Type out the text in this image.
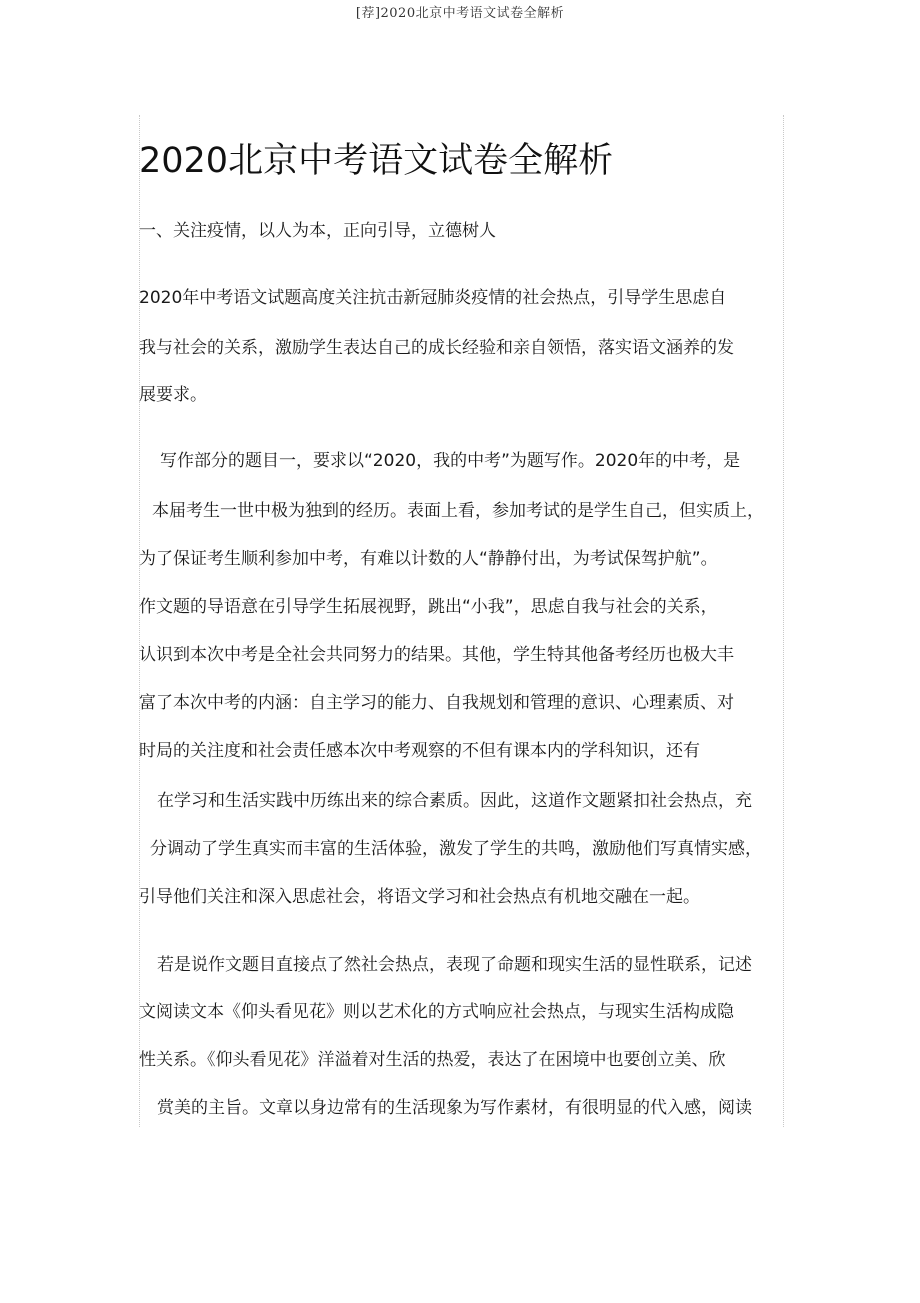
[荐]2020北京中考语文试卷全解析
2020北京中考语文试卷全解析
一、关注疫情，以人为本，正向引导，立德树人
2020年中考语文试题高度关注抗击新冠肺炎疫情的社会热点，引导学生思虑自
我与社会的关系，激励学生表达自己的成长经验和亲自领悟，落实语文涵养的发
展要求。
写作部分的题目一，要求以“2020，我的中考”为题写作。2020年的中考，是
本届考生一世中极为独到的经历。表面上看，参加考试的是学生自己，但实质上，
为了保证考生顺利参加中考，有难以计数的人“静静付出，为考试保驾护航”。
作文题的导语意在引导学生拓展视野，跳出“小我”，思虑自我与社会的关系，
认识到本次中考是全社会共同努力的结果。其他，学生特其他备考经历也极大丰
富了本次中考的内涵：自主学习的能力、自我规划和管理的意识、心理素质、对
时局的关注度和社会责任感本次中考观察的不但有课本内的学科知识，还有
在学习和生活实践中历练出来的综合素质。因此，这道作文题紧扣社会热点，充
分调动了学生真实而丰富的生活体验，激发了学生的共鸣，激励他们写真情实感，
引导他们关注和深入思虑社会，将语文学习和社会热点有机地交融在一起。
若是说作文题目直接点了然社会热点，表现了命题和现实生活的显性联系，记述
文阅读文本《仰头看见花》则以艺术化的方式响应社会热点，与现实生活构成隐
性关系。《仰头看见花》洋溢着对生活的热爱，表达了在困境中也要创立美、欣
赏美的主旨。文章以身边常有的生活现象为写作素材，有很明显的代入感，阅读
